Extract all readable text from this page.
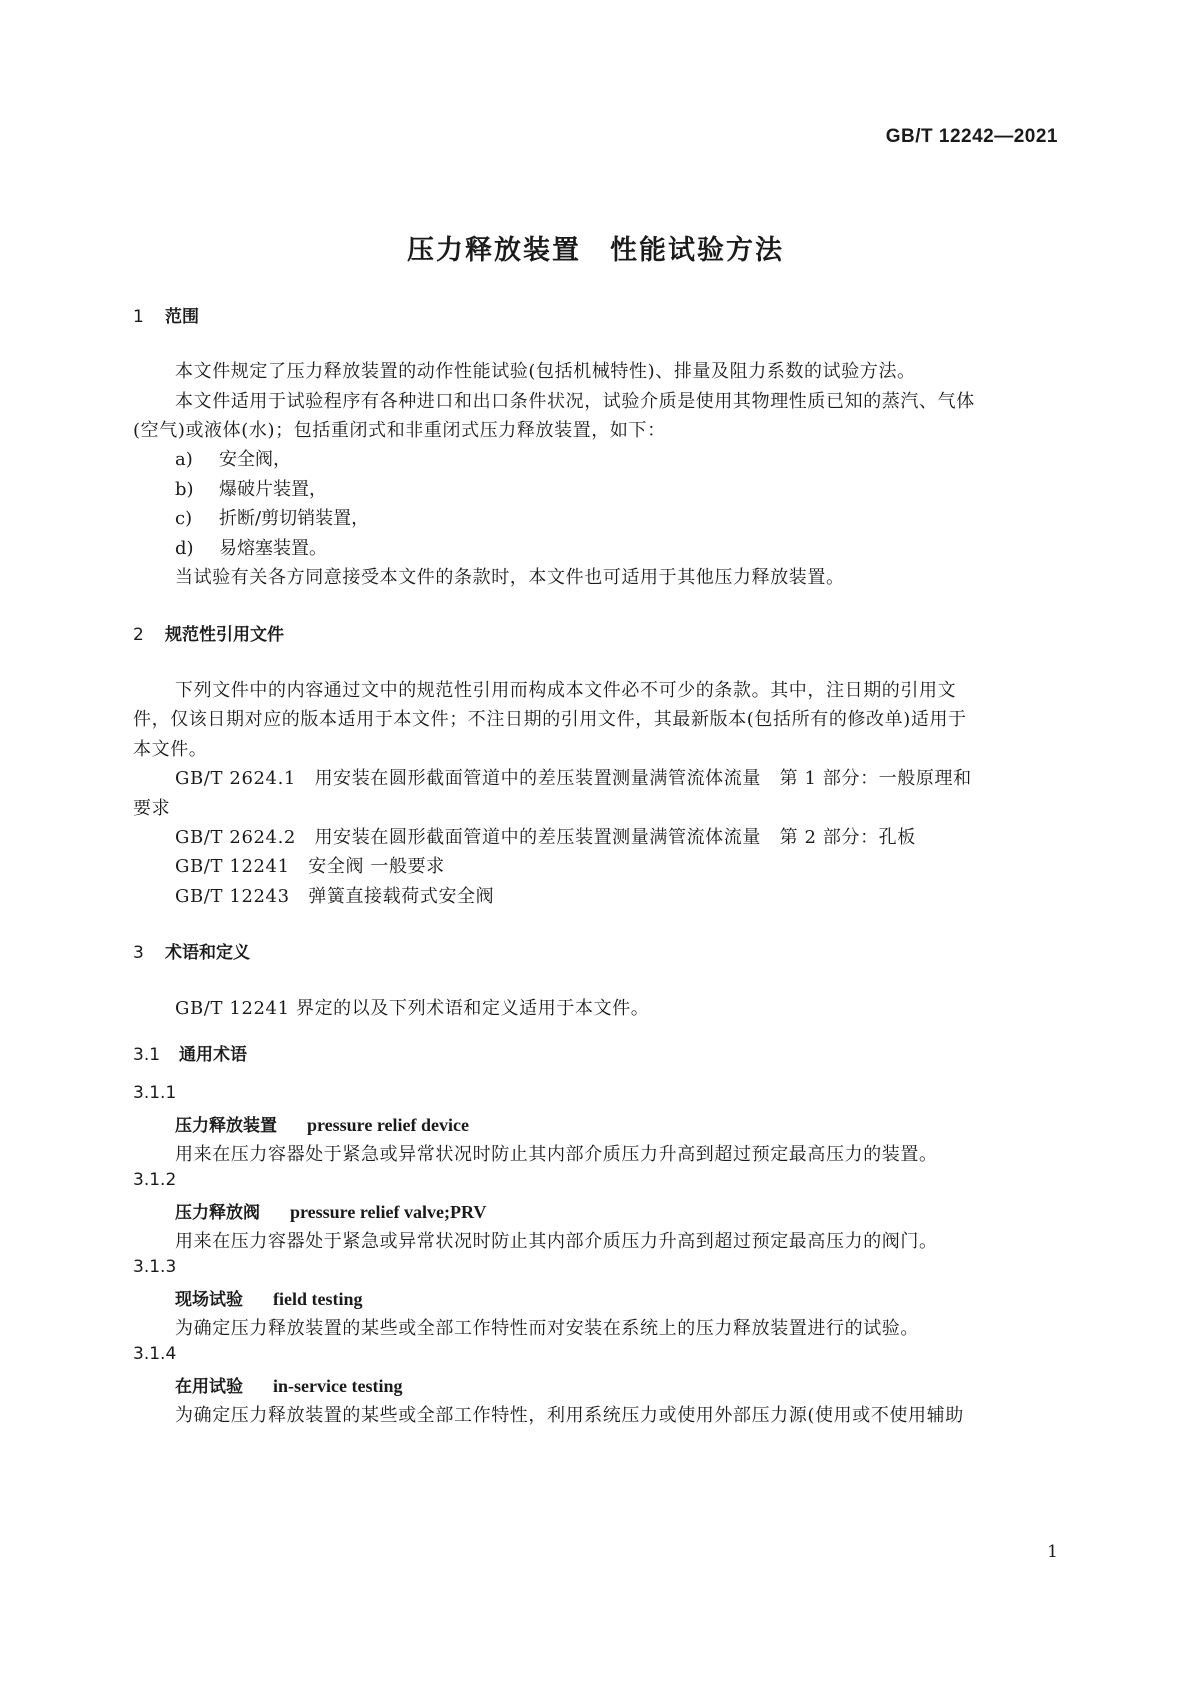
GB/T 12242—2021
压力释放装置　性能试验方法
1 范围
本文件规定了压力释放装置的动作性能试验(包括机械特性)、排量及阻力系数的试验方法。
本文件适用于试验程序有各种进口和出口条件状况，试验介质是使用其物理性质已知的蒸汽、气体
(空气)或液体(水)；包括重闭式和非重闭式压力释放装置，如下：
a) 安全阀，
b) 爆破片装置，
c) 折断/剪切销装置，
d) 易熔塞装置。
当试验有关各方同意接受本文件的条款时，本文件也可适用于其他压力释放装置。
2 规范性引用文件
下列文件中的内容通过文中的规范性引用而构成本文件必不可少的条款。其中，注日期的引用文
件，仅该日期对应的版本适用于本文件；不注日期的引用文件，其最新版本(包括所有的修改单)适用于
本文件。
GB/T 2624.1　用安装在圆形截面管道中的差压装置测量满管流体流量　第 1 部分：一般原理和
要求
GB/T 2624.2　用安装在圆形截面管道中的差压装置测量满管流体流量　第 2 部分：孔板
GB/T 12241　安全阀 一般要求
GB/T 12243　弹簧直接载荷式安全阀
3 术语和定义
GB/T 12241 界定的以及下列术语和定义适用于本文件。
3.1 通用术语
3.1.1
压力释放装置 pressure relief device
用来在压力容器处于紧急或异常状况时防止其内部介质压力升高到超过预定最高压力的装置。
3.1.2
压力释放阀 pressure relief valve;PRV
用来在压力容器处于紧急或异常状况时防止其内部介质压力升高到超过预定最高压力的阀门。
3.1.3
现场试验 field testing
为确定压力释放装置的某些或全部工作特性而对安装在系统上的压力释放装置进行的试验。
3.1.4
在用试验 in-service testing
为确定压力释放装置的某些或全部工作特性，利用系统压力或使用外部压力源(使用或不使用辅助
1
